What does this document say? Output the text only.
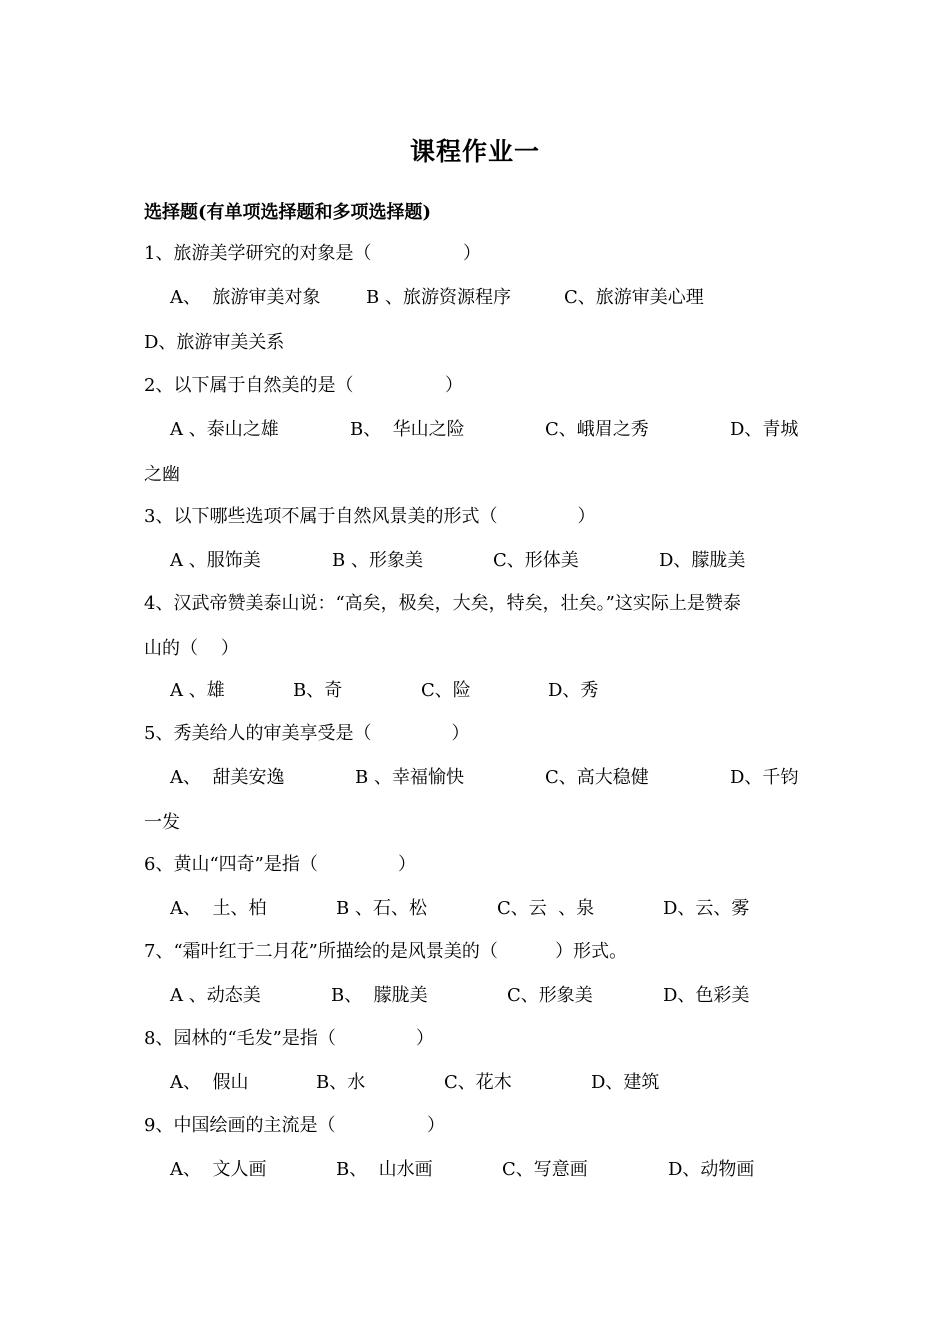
课程作业一
选择题(有单项选择题和多项选择题)
1、旅游美学研究的对象是（                ）
A、  旅游审美对象	B 、旅游资源程序	C、旅游审美心理
D、旅游审美关系
2、以下属于自然美的是（                ）
A 、泰山之雄	B、  华山之险	C、峨眉之秀	D、青城
之幽
3、以下哪些选项不属于自然风景美的形式（              ）
A 、服饰美	B 、形象美	C、形体美	D、朦胧美
4、汉武帝赞美泰山说：“高矣，极矣，大矣，特矣，壮矣。”这实际上是赞泰
山的（    ）
A 、雄	B、奇	C、险	D、秀
5、秀美给人的审美享受是（              ）
A、  甜美安逸	B 、幸福愉快	C、高大稳健	D、千钧
一发
6、黄山“四奇”是指（              ）
A、  土、柏	B 、石、松	C、云  、泉	D、云、雾
7、“霜叶红于二月花”所描绘的是风景美的（          ）形式。
A 、动态美	B、  朦胧美	C、形象美	D、色彩美
8、园林的“毛发”是指（              ）
A、  假山	B、水	C、花木	D、建筑
9、中国绘画的主流是（                ）
A、  文人画	B、  山水画	C、写意画	D、动物画
